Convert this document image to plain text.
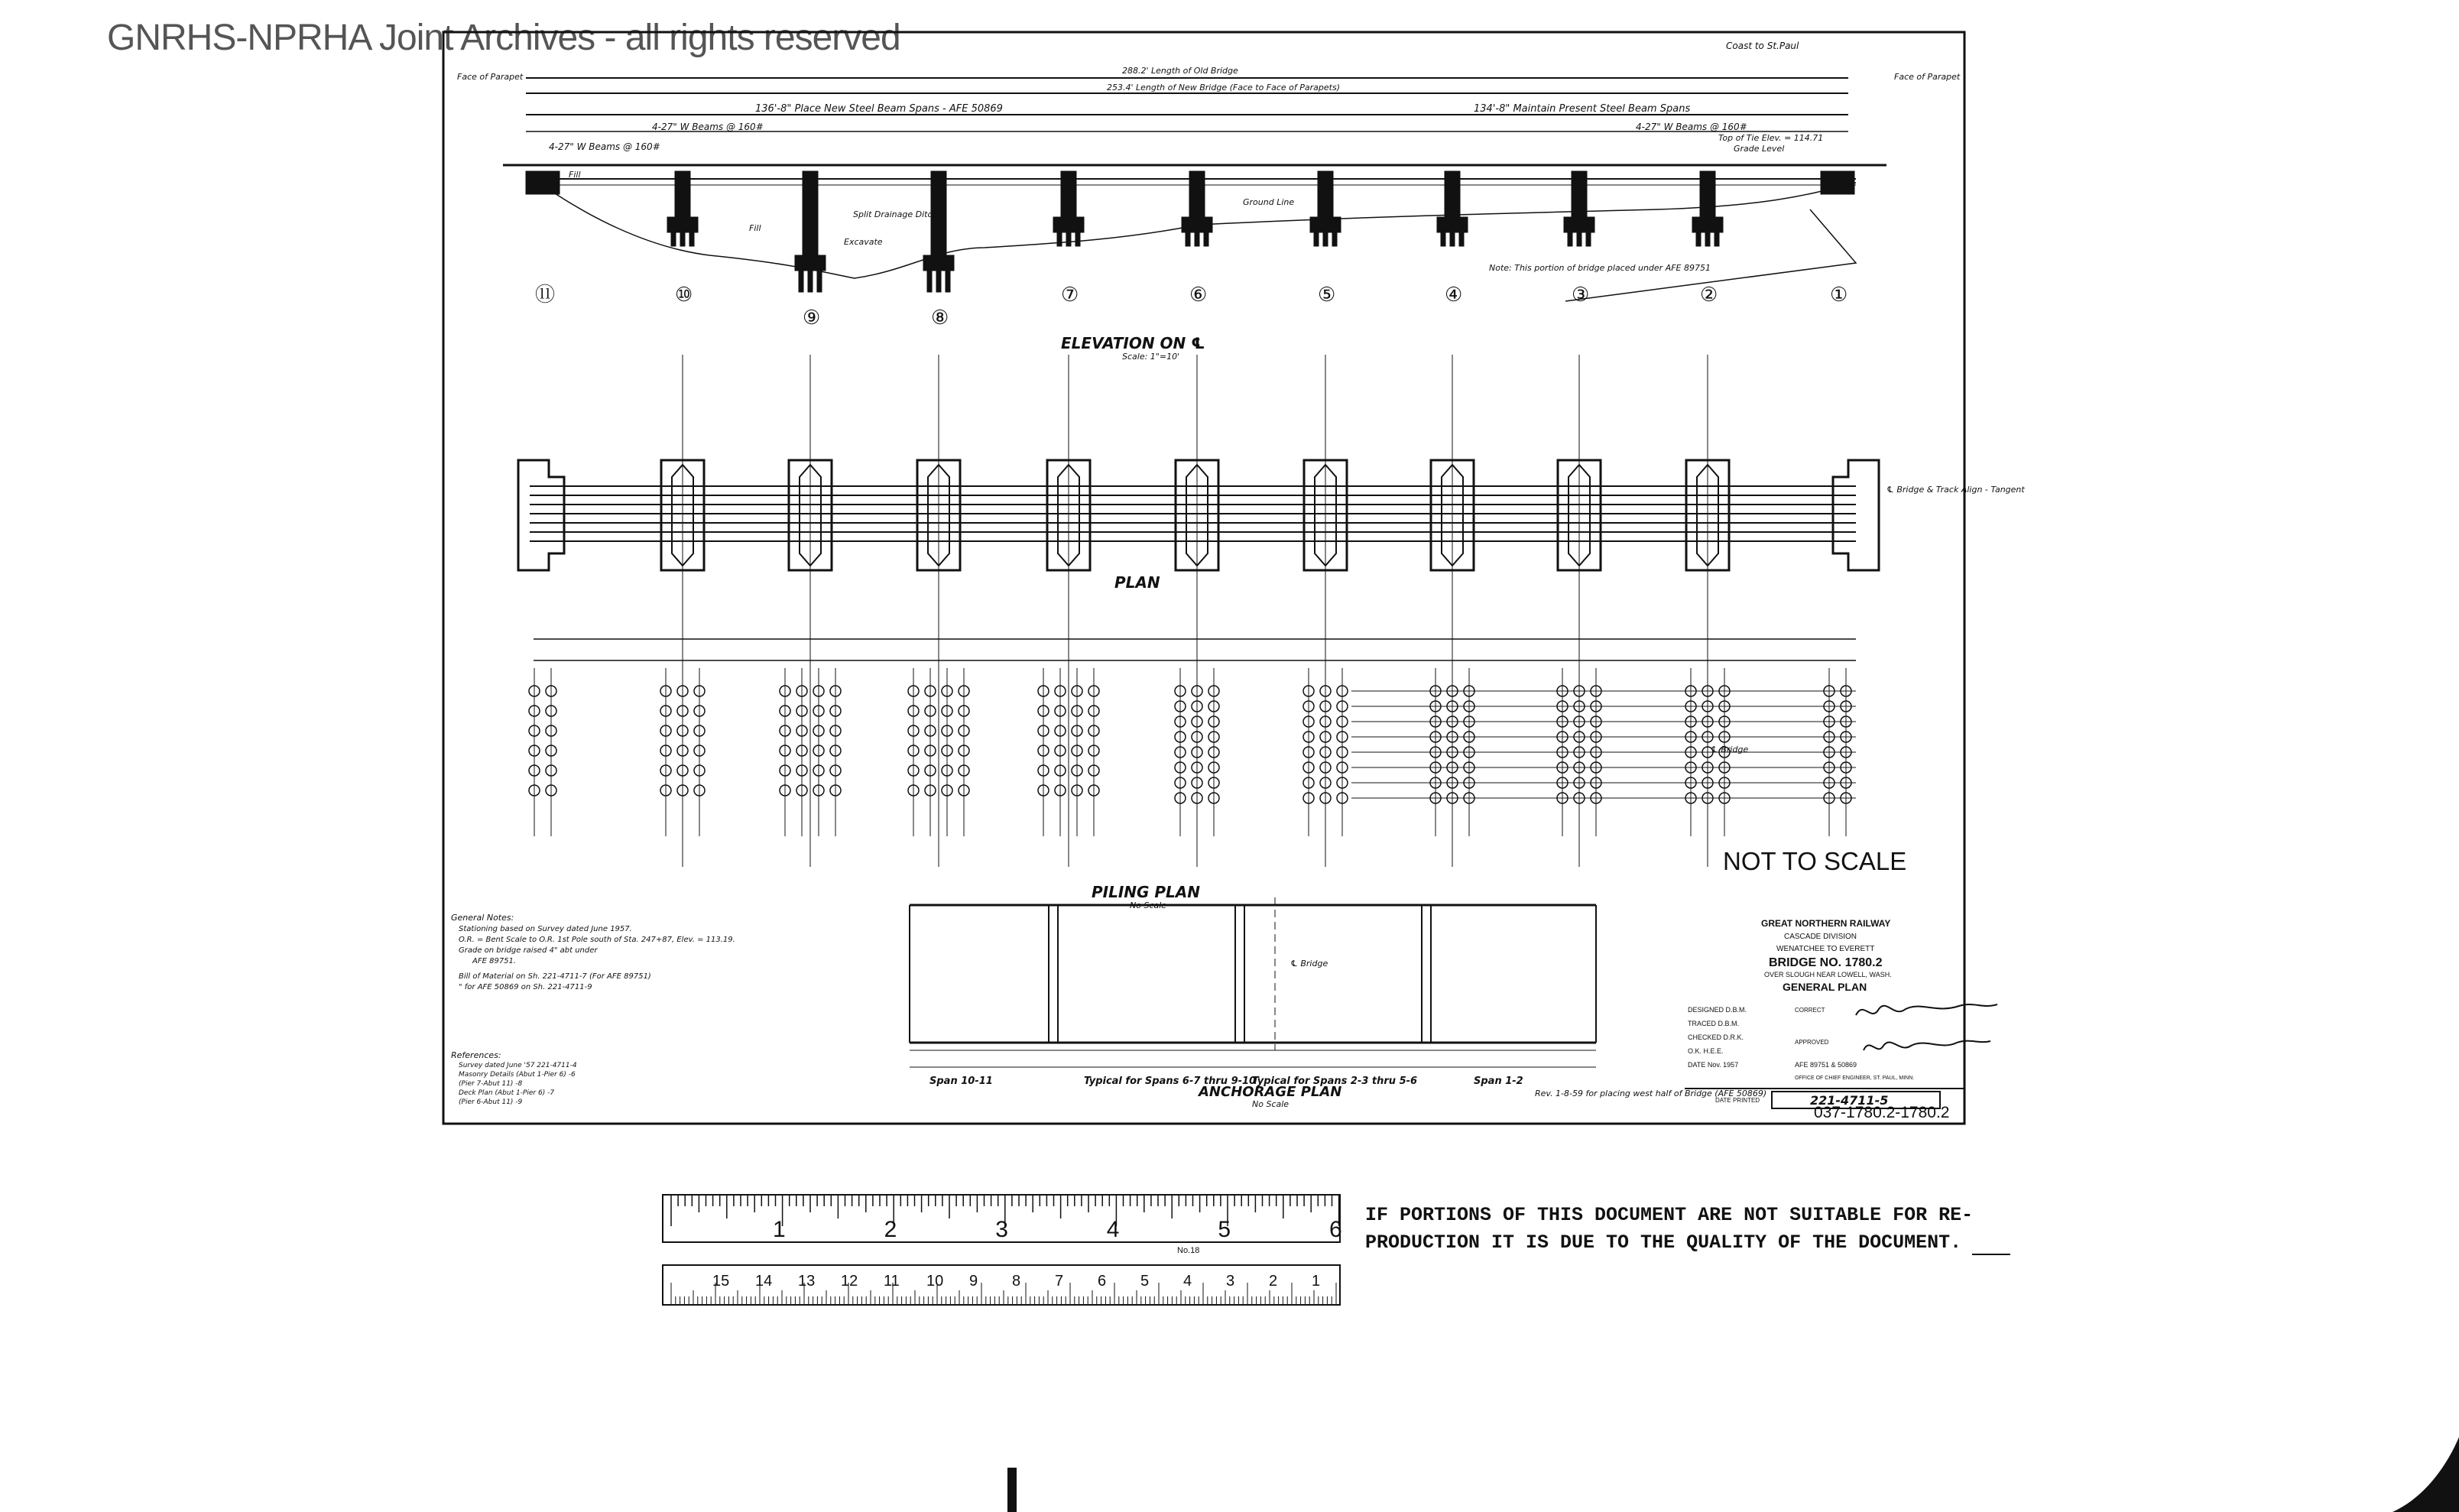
GNRHS-NPRHA Joint Archives - all rights reserved
⑪	⑩
⑨	⑧
⑦	⑥	⑤	④	③	②	①
288.2' Length of Old Bridge
253.4' Length of New Bridge (Face to Face of Parapets)
136'-8" Place New Steel Beam Spans - AFE 50869	134'-8" Maintain Present Steel Beam Spans
Coast to St.Paul
Face of Parapet	Face of Parapet
4-27" W Beams @ 160#
4-27" W Beams @ 160#	4-27" W Beams @ 160#
Top of Tie Elev. = 114.71
Grade Level
Ground Line
Fill
Fill
Split Drainage Ditch
Excavate
Note: This portion of bridge placed under AFE 89751
ELEVATION ON ℄
Scale: 1"=10'
PLAN
℄ Bridge & Track Align - Tangent
℄ Bridge
PILING PLAN
No Scale
℄ Bridge
ANCHORAGE PLAN
No Scale
Span 10-11	Typical for Spans 6-7 thru 9-10
Typical for Spans 2-3 thru 5-6	Span 1-2
Rev. 1-8-59 for placing west half of Bridge (AFE 50869)
General Notes:
Stationing based on Survey dated June 1957.
O.R. = Bent Scale to O.R. 1st Pole south of Sta. 247+87, Elev. = 113.19.
Grade on bridge raised 4" abt under
AFE 89751.
Bill of Material on Sh. 221-4711-7 (For AFE 89751)
" for AFE 50869 on Sh. 221-4711-9
References:
Survey dated June '57 221-4711-4
Masonry Details (Abut 1-Pier 6) -6
(Pier 7-Abut 11) -8
Deck Plan (Abut 1-Pier 6) -7
(Pier 6-Abut 11) -9
GREAT NORTHERN RAILWAY
CASCADE DIVISION
WENATCHEE TO EVERETT
BRIDGE NO. 1780.2
OVER SLOUGH NEAR LOWELL, WASH.
GENERAL PLAN
DESIGNED D.B.M.
TRACED D.B.M.
CHECKED D.R.K.
O.K. H.E.E.
DATE Nov. 1957	AFE 89751 & 50869
CORRECT
APPROVED
OFFICE OF CHIEF ENGINEER, ST. PAUL, MINN.
DATE PRINTED	221-4711-5
NOT TO SCALE
037-1780.2-1780.2
1	2	3	4	5	6
1
2
3
4
5
6
7
8
9
10
11
12
13
14
15
No.18
IF PORTIONS OF THIS DOCUMENT ARE NOT SUITABLE FOR RE-PRODUCTION IT IS DUE TO THE QUALITY OF THE DOCUMENT.
